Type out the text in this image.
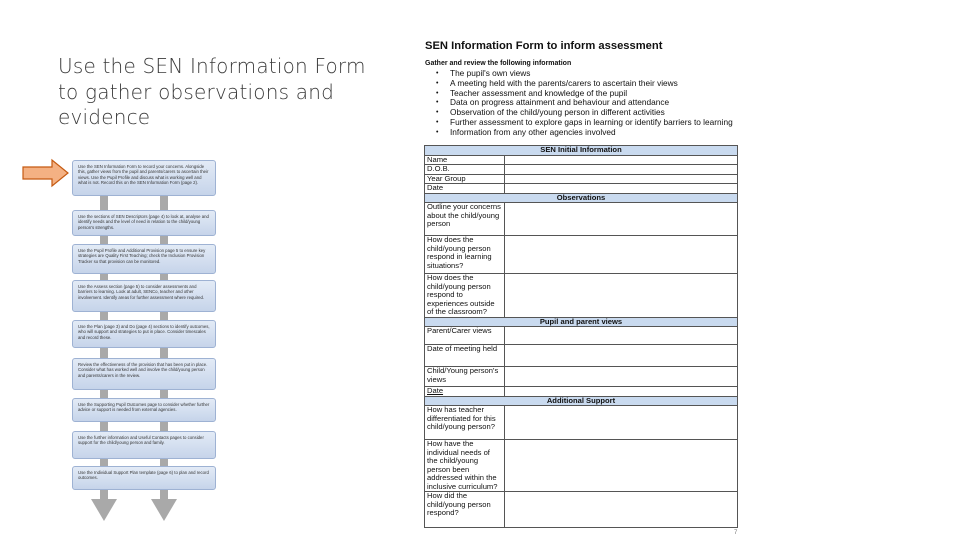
Use the SEN Information Form to gather observations and evidence
Use the SEN Information Form to record your concerns. Alongside this, gather views from the pupil and parents/carers to ascertain their views. Use the Pupil Profile and discuss what is working well and what is not. Record this on the SEN Information Form (page 2).
Use the sections of SEN Descriptors (page 4) to look at, analyse and identify needs and the level of need in relation to the child/young person's strengths.
Use the Pupil Profile and Additional Provision page 5 to ensure key strategies are Quality First Teaching; check the Inclusion Provision Tracker so that provision can be monitored.
Use the Assess section (page 5) to consider assessments and barriers to learning. Look at adult, SENCo, teacher and other involvement. Identify areas for further assessment where required.
Use the Plan (page 3) and Do (page 4) sections to identify outcomes, who will support and strategies to put in place. Consider timescales and record these.
Review the effectiveness of the provision that has been put in place. Consider what has worked well and involve the child/young person and parents/carers in the review.
Use the Supporting Pupil Outcomes page to consider whether further advice or support is needed from external agencies.
Use the further information and Useful Contacts pages to consider support for the child/young person and family.
Use the Individual Support Plan template (page 6) to plan and record outcomes.
SEN Information Form to inform assessment
Gather and review the following information
• The pupil's own views
• A meeting held with the parents/carers to ascertain their views
• Teacher assessment and knowledge of the pupil
• Data on progress attainment and behaviour and attendance
• Observation of the child/young person in different activities
• Further assessment to explore gaps in learning or identify barriers to learning
• Information from any other agencies involved
SEN Initial Information	
Name	
D.O.B.	
Year Group	
Date	
Observations	
Outline your concerns about the child/young person	
How does the child/young person respond in learning situations?	
How does the child/young person respond to experiences outside of the classroom?	
Pupil and parent views	
Parent/Carer views	
Date of meeting held	
Child/Young person's views	
Date	
Additional Support	
How has teacher differentiated for this child/young person?	
How have the individual needs of the child/young person been addressed within the inclusive curriculum?	
How did the child/young person respond?	
7
